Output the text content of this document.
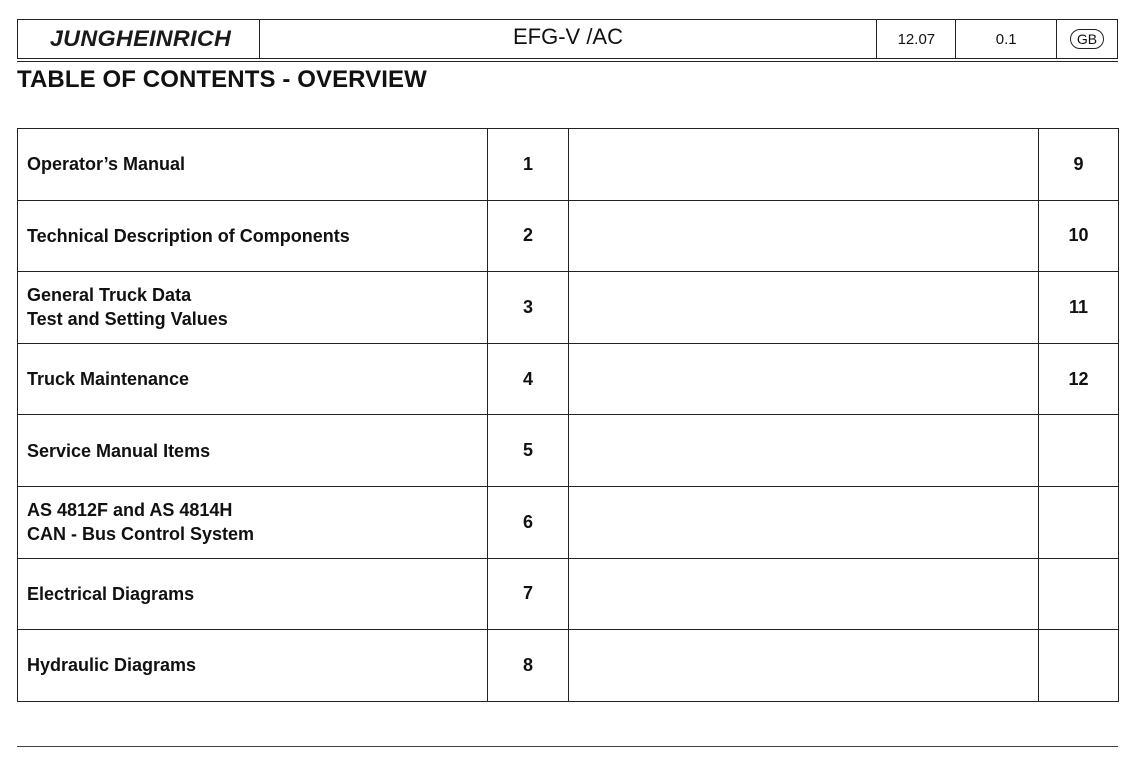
JUNGHEINRICH	EFG-V /AC	12.07	0.1	GB
TABLE OF CONTENTS - OVERVIEW
Operator’s Manual	1		9

Technical Description of Components	2		10

General Truck Data
Test and Setting Values	3		11

Truck Maintenance	4		12

Service Manual Items	5		

AS 4812F and AS 4814H
CAN - Bus Control System	6		

Electrical Diagrams	7		

Hydraulic Diagrams	8		
